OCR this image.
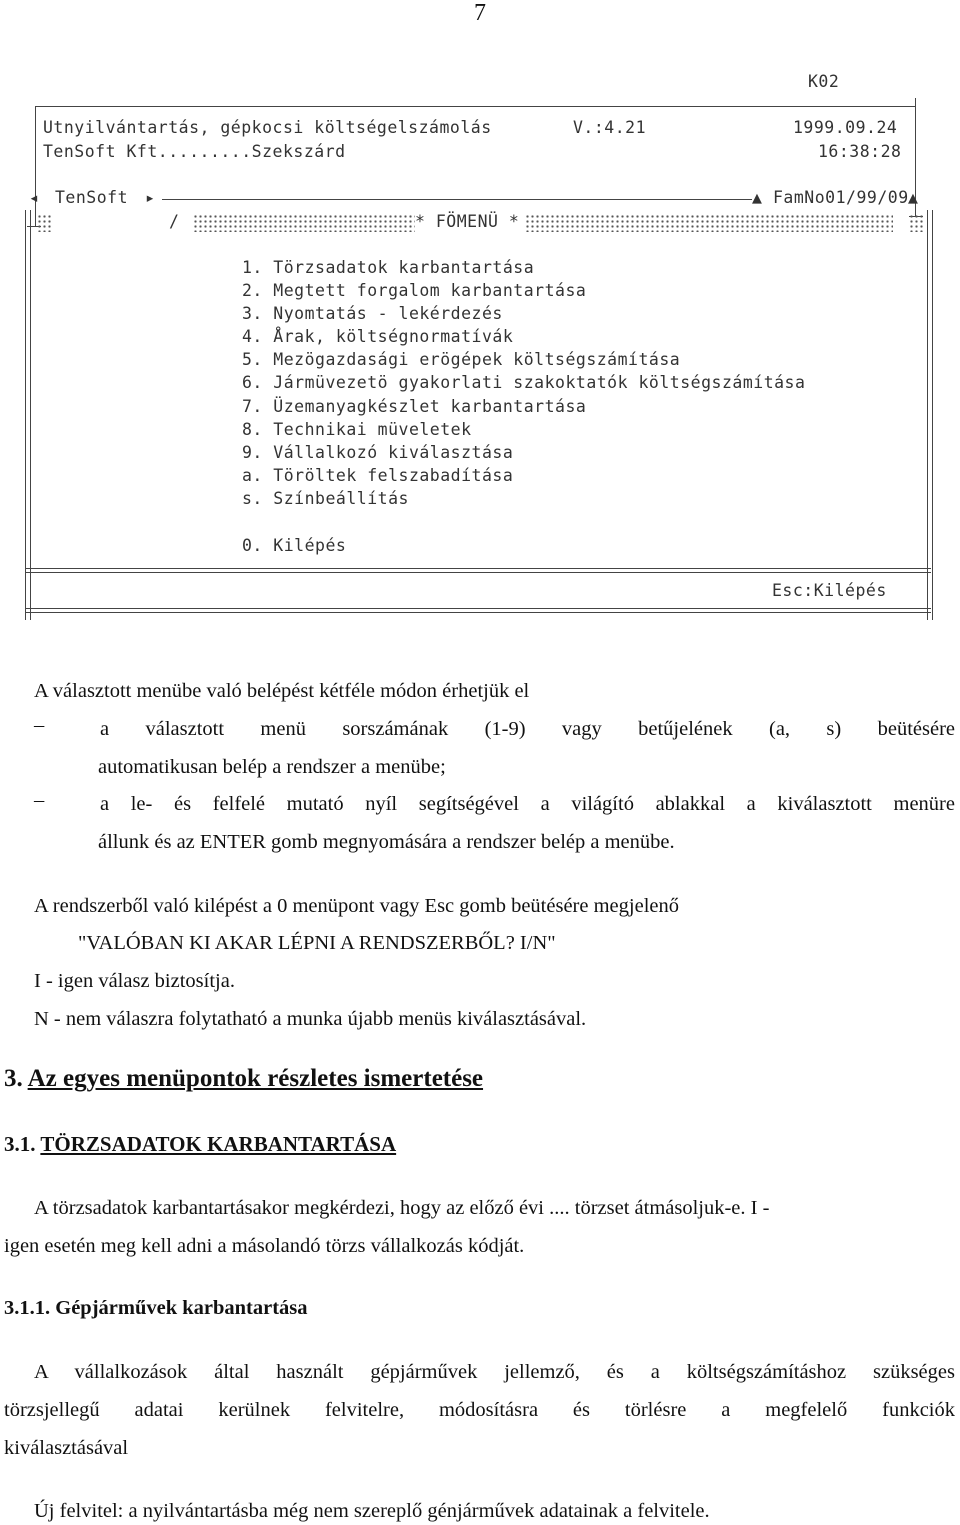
7
K02
Utnyilvántartás, gépkocsi költségelszámolás	V.:4.21	1999.09.24
TenSoft Kft.........Szekszárd	16:38:28
◂ TenSoft ▸	▲ FamNo01/99/09 ▲
/	* FÖMENÜ *
1. Törzsadatok karbantartása
2. Megtett forgalom karbantartása
3. Nyomtatás - lekérdezés
4. Årak, költségnormatívák
5. Mezögazdasági erögépek költségszámítása
6. Jármüvezetö gyakorlati szakoktatók költségszámítása
7. Üzemanyagkészlet karbantartása
8. Technikai müveletek
9. Vállalkozó kiválasztása
a. Töröltek felszabadítása
s. Színbeállítás
0. Kilépés
Esc:Kilépés
A választott menübe való belépést kétféle módon érhetjük el
–	a választott menü sorszámának (1-9) vagy betűjelének (a, s) beütésére
automatikusan belép a rendszer a menübe;
–	a le- és felfelé mutató nyíl segítségével a világító ablakkal a kiválasztott menüre
állunk és az ENTER gomb megnyomására a rendszer belép a menübe.
A rendszerből való kilépést a 0 menüpont vagy Esc gomb beütésére megjelenő
"VALÓBAN KI AKAR LÉPNI A RENDSZERBŐL? I/N"
I - igen válasz biztosítja.
N - nem válaszra folytatható a munka újabb menüs kiválasztásával.
3. Az egyes menüpontok részletes ismertetése
3.1. TÖRZSADATOK KARBANTARTÁSA
A törzsadatok karbantartásakor megkérdezi, hogy az előző évi .... törzset átmásoljuk-e. I -
igen esetén meg kell adni a másolandó törzs vállalkozás kódját.
3.1.1. Gépjárművek karbantartása
A vállalkozások által használt gépjárművek jellemző, és a költségszámításhoz szükséges
törzsjellegű adatai kerülnek felvitelre, módosításra és törlésre a megfelelő funkciók
kiválasztásával
Új felvitel: a nyilvántartásba még nem szereplő génjárművek adatainak a felvitele.
